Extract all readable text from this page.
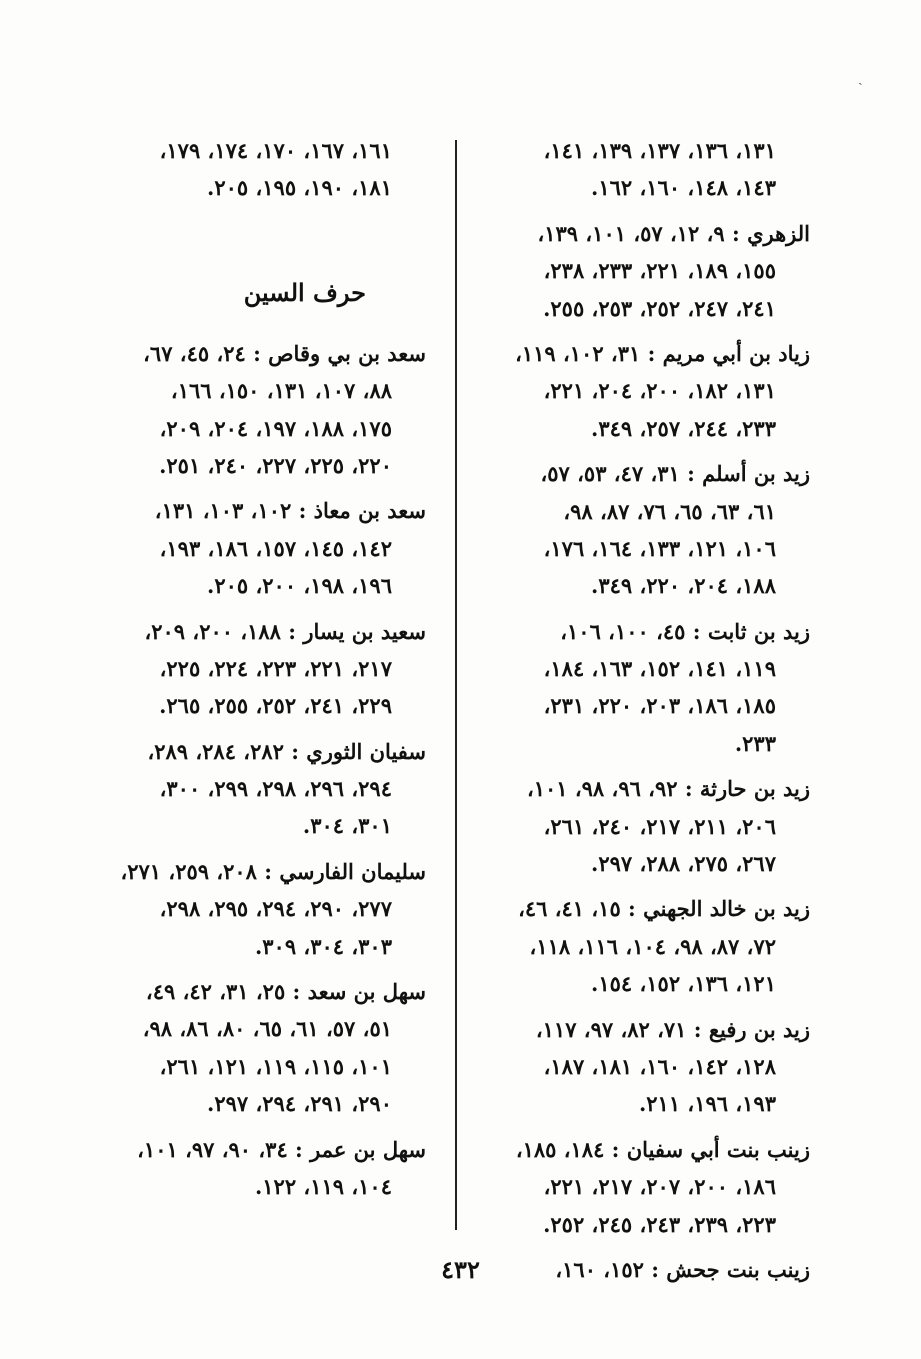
ˎ
١٣١، ١٣٦، ١٣٧، ١٣٩، ١٤١،
١٤٣، ١٤٨، ١٦٠، ١٦٢.
الزهري : ٩، ١٢، ٥٧، ١٠١، ١٣٩،
١٥٥، ١٨٩، ٢٢١، ٢٣٣، ٢٣٨،
٢٤١، ٢٤٧، ٢٥٢، ٢٥٣، ٢٥٥.
زياد بن أبي مريم : ٣١، ١٠٢، ١١٩،
١٣١، ١٨٢، ٢٠٠، ٢٠٤، ٢٢١،
٢٣٣، ٢٤٤، ٢٥٧، ٣٤٩.
زيد بن أسلم : ٣١، ٤٧، ٥٣، ٥٧،
٦١، ٦٣، ٦٥، ٧٦، ٨٧، ٩٨،
١٠٦، ١٢١، ١٣٣، ١٦٤، ١٧٦،
١٨٨، ٢٠٤، ٢٢٠، ٣٤٩.
زيد بن ثابت : ٤٥، ١٠٠، ١٠٦،
١١٩، ١٤١، ١٥٢، ١٦٣، ١٨٤،
١٨٥، ١٨٦، ٢٠٣، ٢٢٠، ٢٣١،
٢٣٣.
زيد بن حارثة : ٩٢، ٩٦، ٩٨، ١٠١،
٢٠٦، ٢١١، ٢١٧، ٢٤٠، ٢٦١،
٢٦٧، ٢٧٥، ٢٨٨، ٢٩٧.
زيد بن خالد الجهني : ١٥، ٤١، ٤٦،
٧٢، ٨٧، ٩٨، ١٠٤، ١١٦، ١١٨،
١٢١، ١٣٦، ١٥٢، ١٥٤.
زيد بن رفيع : ٧١، ٨٢، ٩٧، ١١٧،
١٢٨، ١٤٢، ١٦٠، ١٨١، ١٨٧،
١٩٣، ١٩٦، ٢١١.
زينب بنت أبي سفيان : ١٨٤، ١٨٥،
١٨٦، ٢٠٠، ٢٠٧، ٢١٧، ٢٢١،
٢٢٣، ٢٣٩، ٢٤٣، ٢٤٥، ٢٥٢.
زينب بنت جحش : ١٥٢، ١٦٠،
١٦١، ١٦٧، ١٧٠، ١٧٤، ١٧٩،
١٨١، ١٩٠، ١٩٥، ٢٠٥.
حرف السين
سعد بن بي وقاص : ٢٤، ٤٥، ٦٧،
٨٨، ١٠٧، ١٣١، ١٥٠، ١٦٦،
١٧٥، ١٨٨، ١٩٧، ٢٠٤، ٢٠٩،
٢٢٠، ٢٢٥، ٢٢٧، ٢٤٠، ٢٥١.
سعد بن معاذ : ١٠٢، ١٠٣، ١٣١،
١٤٢، ١٤٥، ١٥٧، ١٨٦، ١٩٣،
١٩٦، ١٩٨، ٢٠٠، ٢٠٥.
سعيد بن يسار : ١٨٨، ٢٠٠، ٢٠٩،
٢١٧، ٢٢١، ٢٢٣، ٢٢٤، ٢٢٥،
٢٢٩، ٢٤١، ٢٥٢، ٢٥٥، ٢٦٥.
سفيان الثوري : ٢٨٢، ٢٨٤، ٢٨٩،
٢٩٤، ٢٩٦، ٢٩٨، ٢٩٩، ٣٠٠،
٣٠١، ٣٠٤.
سليمان الفارسي : ٢٠٨، ٢٥٩، ٢٧١،
٢٧٧، ٢٩٠، ٢٩٤، ٢٩٥، ٢٩٨،
٣٠٣، ٣٠٤، ٣٠٩.
سهل بن سعد : ٢٥، ٣١، ٤٢، ٤٩،
٥١، ٥٧، ٦١، ٦٥، ٨٠، ٨٦، ٩٨،
١٠١، ١١٥، ١١٩، ١٢١، ٢٦١،
٢٩٠، ٢٩١، ٢٩٤، ٢٩٧.
سهل بن عمر : ٣٤، ٩٠، ٩٧، ١٠١،
١٠٤، ١١٩، ١٢٢.
٤٣٢
